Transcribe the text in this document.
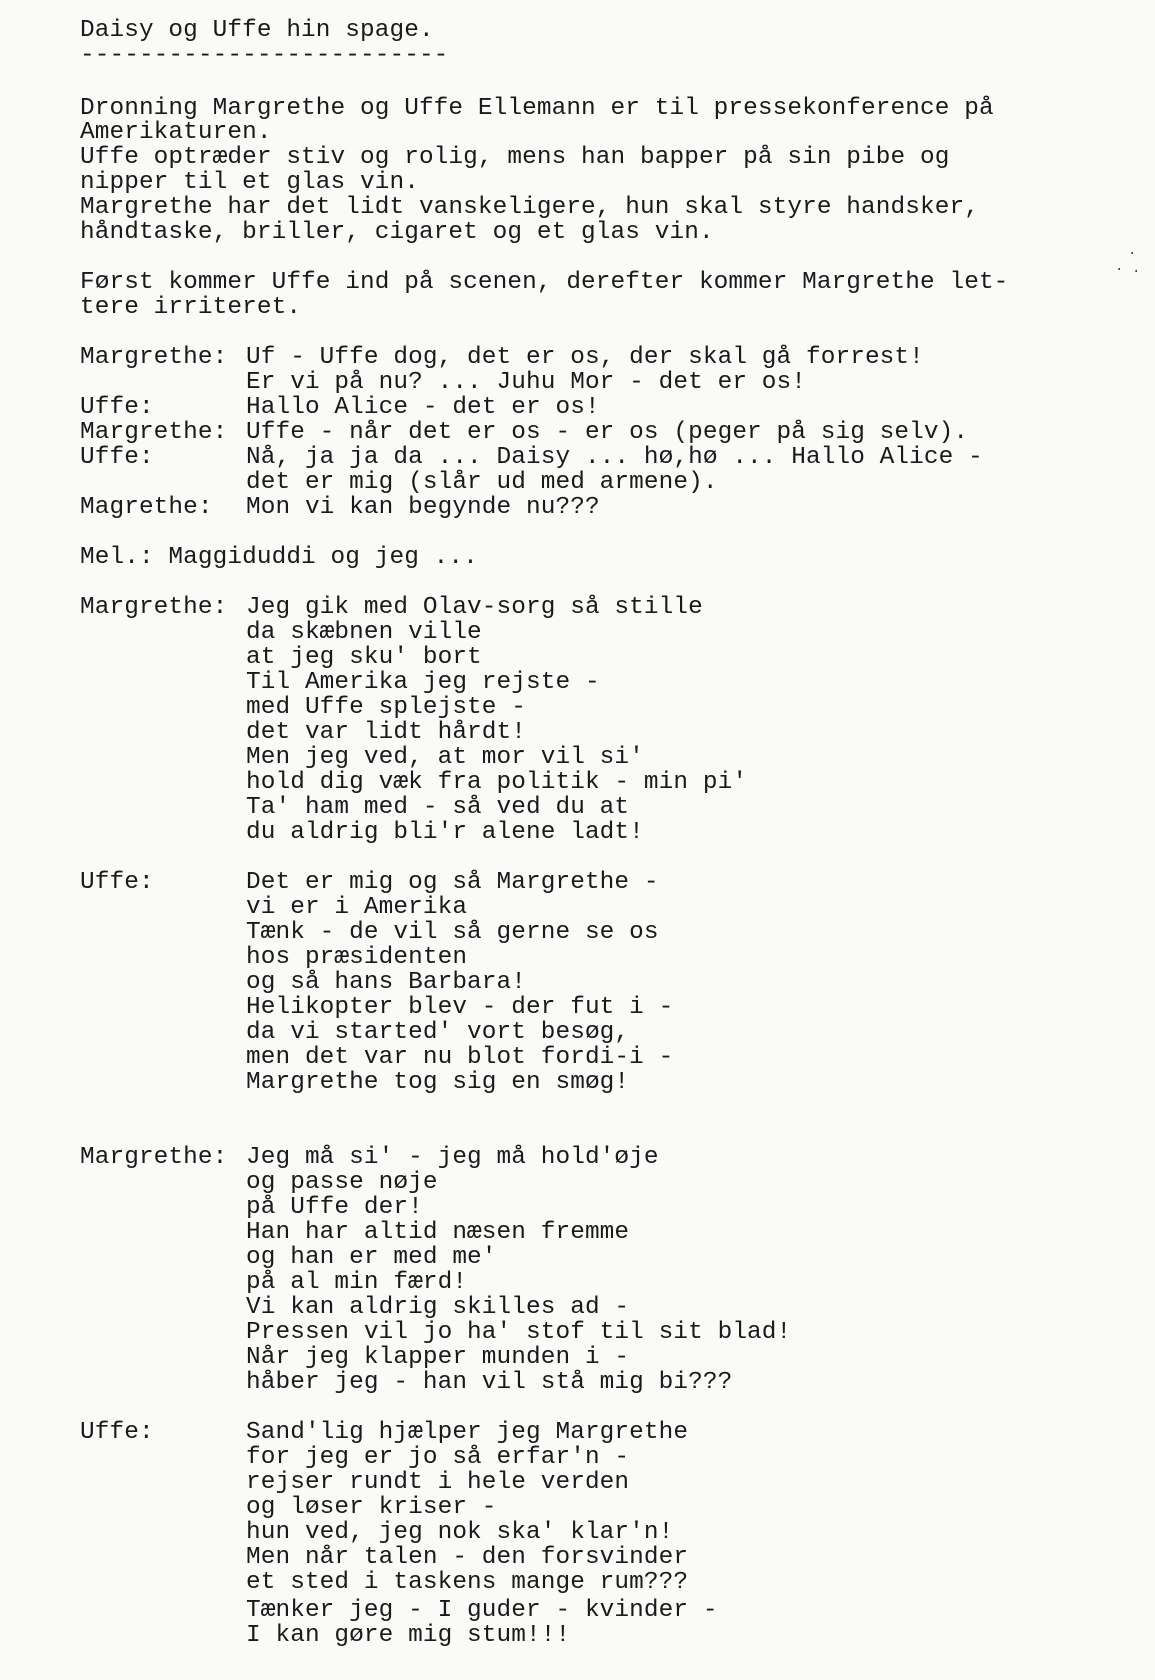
Daisy og Uffe hin spage.
-------------------------
Dronning Margrethe og Uffe Ellemann er til pressekonference på
Amerikaturen.
Uffe optræder stiv og rolig, mens han bapper på sin pibe og
nipper til et glas vin.
Margrethe har det lidt vanskeligere, hun skal styre handsker,
håndtaske, briller, cigaret og et glas vin.
Først kommer Uffe ind på scenen, derefter kommer Margrethe let-
tere irriteret.
Margrethe: Uf - Uffe dog, det er os, der skal gå forrest!
Er vi på nu? ... Juhu Mor - det er os!
Uffe:	Hallo Alice - det er os!
Margrethe: Uffe - når det er os - er os (peger på sig selv).
Uffe:	Nå, ja ja da ... Daisy ... hø,hø ... Hallo Alice -
det er mig (slår ud med armene).
Magrethe: Mon vi kan begynde nu???
Mel.: Maggiduddi og jeg ...
Margrethe: Jeg gik med Olav-sorg så stille
da skæbnen ville
at jeg sku' bort
Til Amerika jeg rejste -
med Uffe splejste -
det var lidt hårdt!
Men jeg ved, at mor vil si'
hold dig væk fra politik - min pi'
Ta' ham med - så ved du at
du aldrig bli'r alene ladt!
Uffe:	Det er mig og så Margrethe -
vi er i Amerika
Tænk - de vil så gerne se os
hos præsidenten
og så hans Barbara!
Helikopter blev - der fut i -
da vi started' vort besøg,
men det var nu blot fordi-i -
Margrethe tog sig en smøg!
Margrethe: Jeg må si' - jeg må hold'øje
og passe nøje
på Uffe der!
Han har altid næsen fremme
og han er med me'
på al min færd!
Vi kan aldrig skilles ad -
Pressen vil jo ha' stof til sit blad!
Når jeg klapper munden i -
håber jeg - han vil stå mig bi???
Uffe:	Sand'lig hjælper jeg Margrethe
for jeg er jo så erfar'n -
rejser rundt i hele verden
og løser kriser -
hun ved, jeg nok ska' klar'n!
Men når talen - den forsvinder
et sted i taskens mange rum???
Tænker jeg - I guder - kvinder -
I kan gøre mig stum!!!
·
·
·
